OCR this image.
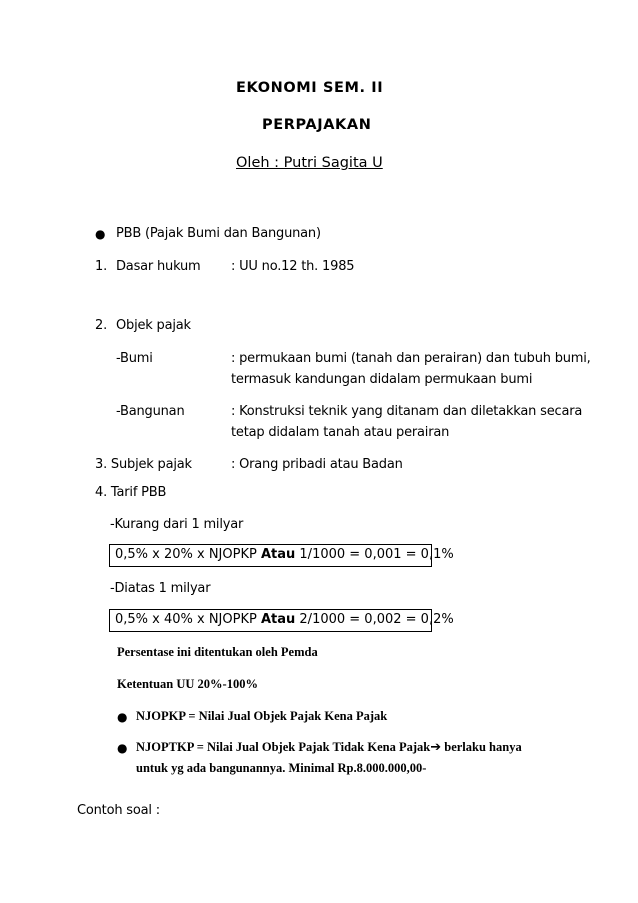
EKONOMI SEM. II
PERPAJAKAN
Oleh : Putri Sagita U
● PBB (Pajak Bumi dan Bangunan)
1. Dasar hukum : UU no.12 th. 1985
2. Objek pajak
-Bumi	: permukaan bumi (tanah dan perairan) dan tubuh bumi,
termasuk kandungan didalam permukaan bumi
-Bangunan	: Konstruksi teknik yang ditanam dan diletakkan secara
tetap didalam tanah atau perairan
3. Subjek pajak	: Orang pribadi atau Badan
4. Tarif PBB
-Kurang dari 1 milyar
0,5% x 20% x NJOPKP Atau 1/1000 = 0,001 = 0,1%
-Diatas 1 milyar
0,5% x 40% x NJOPKP Atau 2/1000 = 0,002 = 0,2%
Persentase ini ditentukan oleh Pemda
Ketentuan UU 20%-100%
● NJOPKP = Nilai Jual Objek Pajak Kena Pajak
● NJOPTKP = Nilai Jual Objek Pajak Tidak Kena Pajak➔ berlaku hanya
untuk yg ada bangunannya. Minimal Rp.8.000.000,00-
Contoh soal :
